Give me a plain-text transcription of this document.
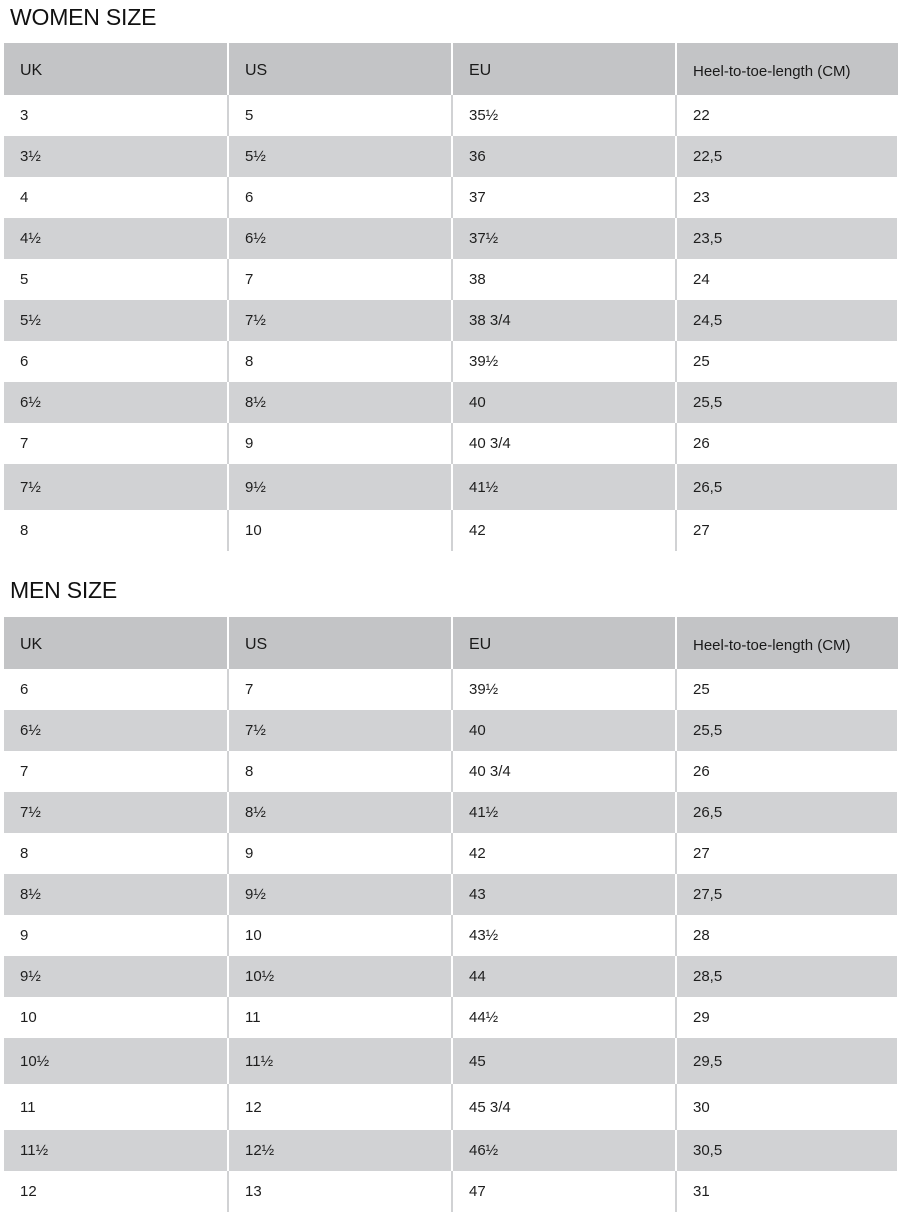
WOMEN SIZE
UK	US	EU	Heel-to-toe-length (CM)
3	5	35½	22
3½	5½	36	22,5
4	6	37	23
4½	6½	37½	23,5
5	7	38	24
5½	7½	38 3/4	24,5
6	8	39½	25
6½	8½	40	25,5
7	9	40 3/4	26
7½	9½	41½	26,5
8	10	42	27
MEN SIZE
UK	US	EU	Heel-to-toe-length (CM)
6	7	39½	25
6½	7½	40	25,5
7	8	40 3/4	26
7½	8½	41½	26,5
8	9	42	27
8½	9½	43	27,5
9	10	43½	28
9½	10½	44	28,5
10	11	44½	29
10½	11½	45	29,5
11	12	45 3/4	30
11½	12½	46½	30,5
12	13	47	31
